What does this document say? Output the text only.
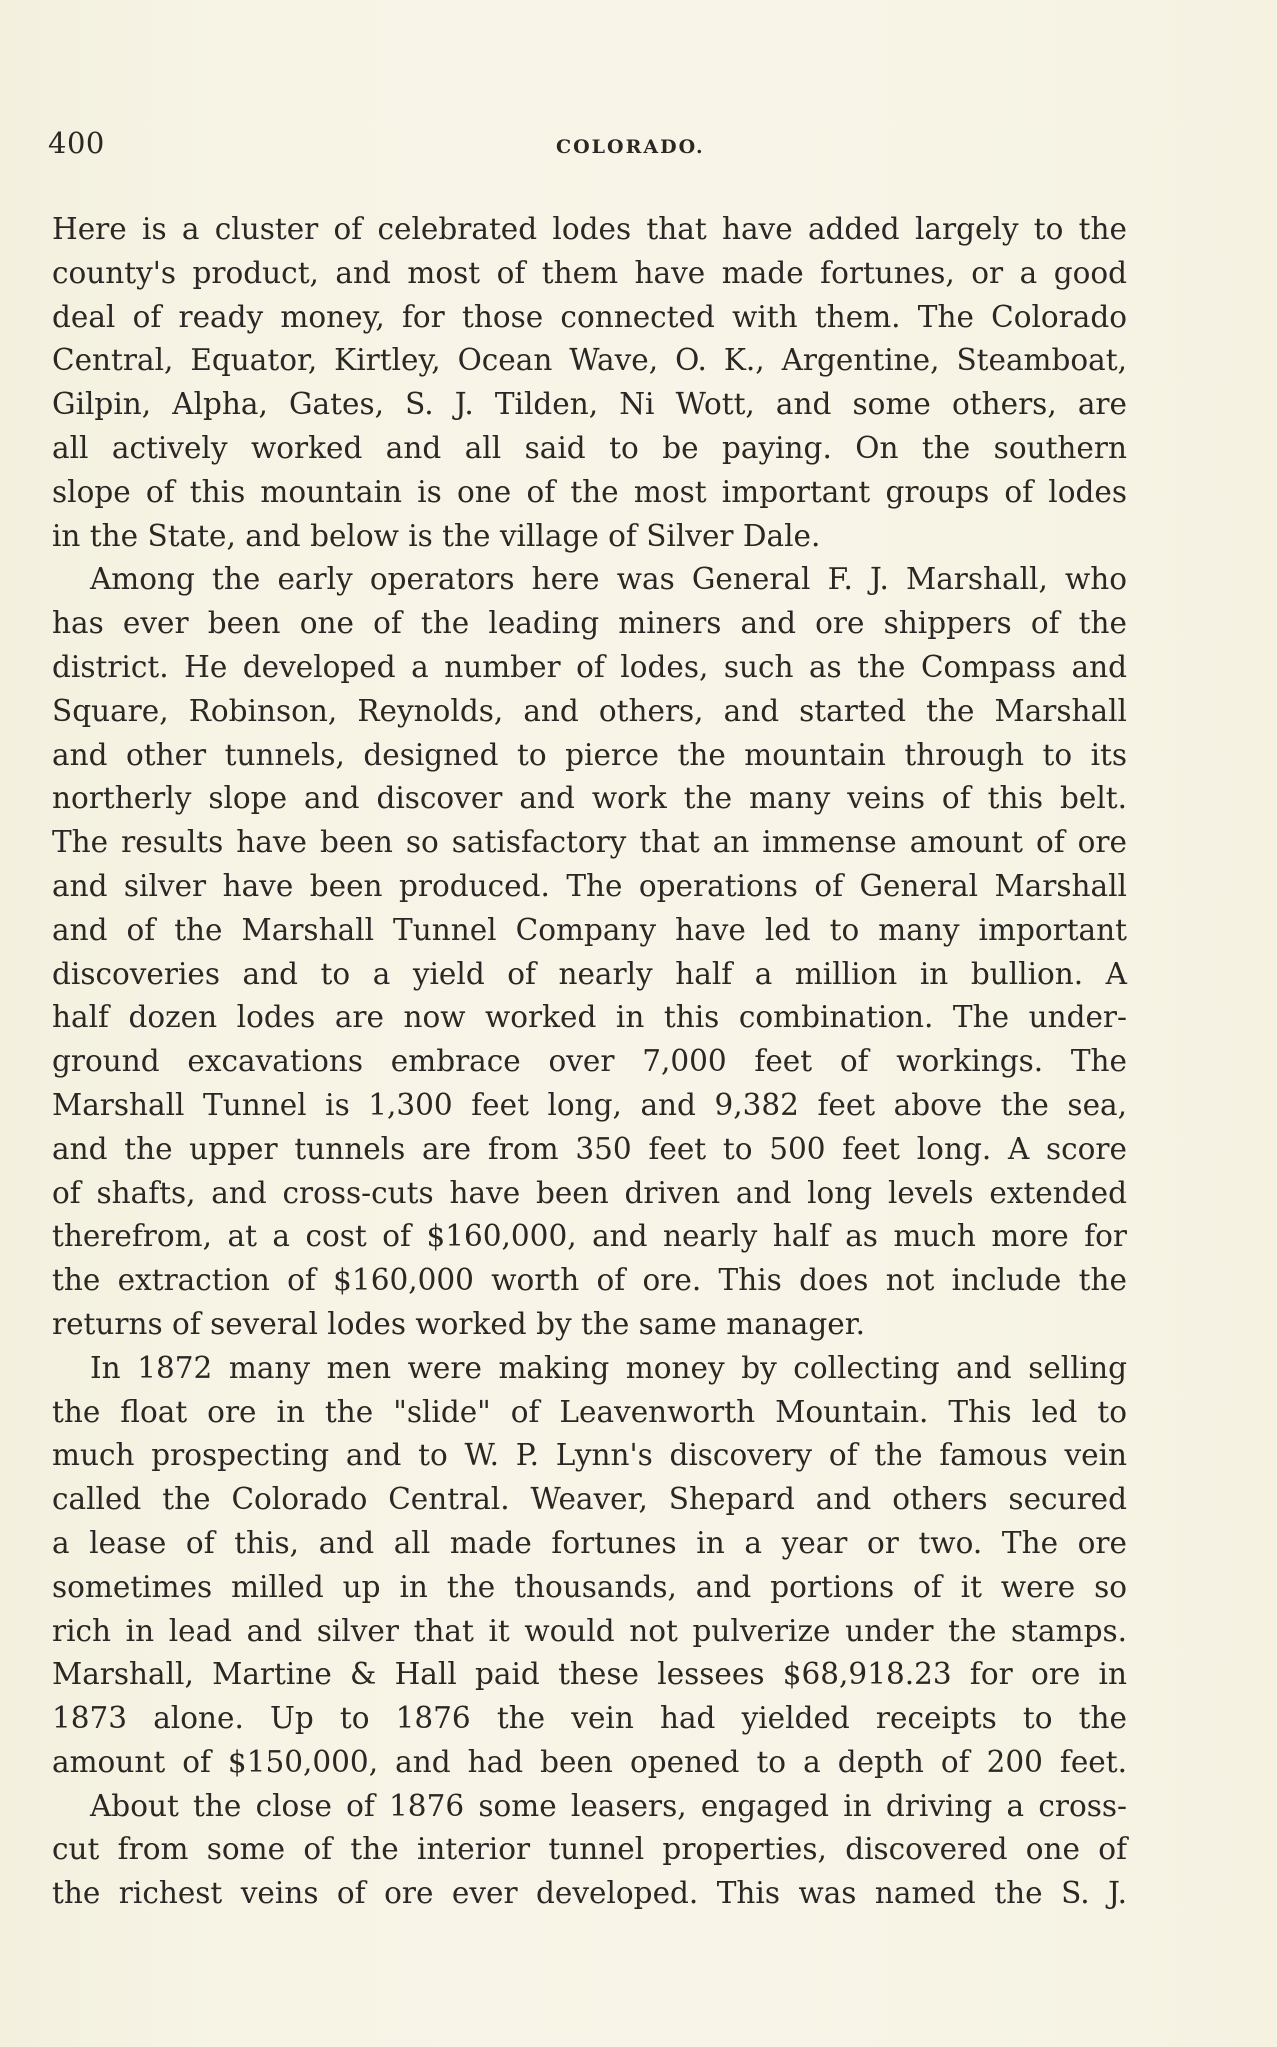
400	COLORADO.
Here is a cluster of celebrated lodes that have added largely to the
county's product, and most of them have made fortunes, or a good
deal of ready money, for those connected with them. The Colorado
Central, Equator, Kirtley, Ocean Wave, O. K., Argentine, Steamboat,
Gilpin, Alpha, Gates, S. J. Tilden, Ni Wott, and some others, are
all actively worked and all said to be paying. On the southern
slope of this mountain is one of the most important groups of lodes
in the State, and below is the village of Silver Dale.
Among the early operators here was General F. J. Marshall, who
has ever been one of the leading miners and ore shippers of the
district. He developed a number of lodes, such as the Compass and
Square, Robinson, Reynolds, and others, and started the Marshall
and other tunnels, designed to pierce the mountain through to its
northerly slope and discover and work the many veins of this belt.
The results have been so satisfactory that an immense amount of ore
and silver have been produced. The operations of General Marshall
and of the Marshall Tunnel Company have led to many important
discoveries and to a yield of nearly half a million in bullion. A
half dozen lodes are now worked in this combination. The under-
ground excavations embrace over 7,000 feet of workings. The
Marshall Tunnel is 1,300 feet long, and 9,382 feet above the sea,
and the upper tunnels are from 350 feet to 500 feet long. A score
of shafts, and cross-cuts have been driven and long levels extended
therefrom, at a cost of $160,000, and nearly half as much more for
the extraction of $160,000 worth of ore. This does not include the
returns of several lodes worked by the same manager.
In 1872 many men were making money by collecting and selling
the float ore in the "slide" of Leavenworth Mountain. This led to
much prospecting and to W. P. Lynn's discovery of the famous vein
called the Colorado Central. Weaver, Shepard and others secured
a lease of this, and all made fortunes in a year or two. The ore
sometimes milled up in the thousands, and portions of it were so
rich in lead and silver that it would not pulverize under the stamps.
Marshall, Martine & Hall paid these lessees $68,918.23 for ore in
1873 alone. Up to 1876 the vein had yielded receipts to the
amount of $150,000, and had been opened to a depth of 200 feet.
About the close of 1876 some leasers, engaged in driving a cross-
cut from some of the interior tunnel properties, discovered one of
the richest veins of ore ever developed. This was named the S. J.
